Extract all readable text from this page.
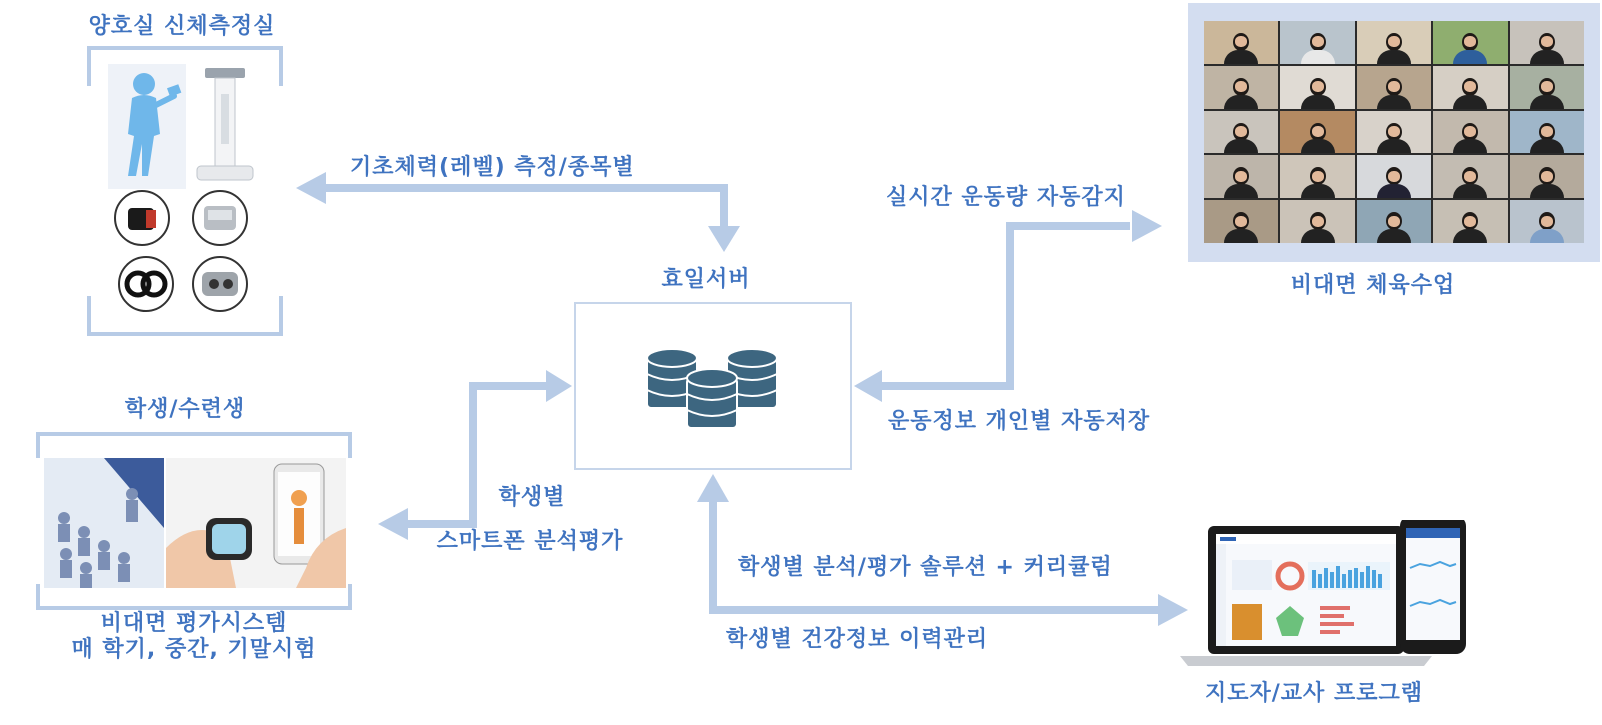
양호실 신체측정실
기초체력(레벨) 측정/종목별
효일서버
실시간 운동량 자동감지
비대면 체육수업
운동정보 개인별 자동저장
학생/수련생
비대면 평가시스템
매 학기, 중간, 기말시험
학생별
스마트폰 분석평가
학생별 분석/평가 솔루션 + 커리큘럼
학생별 건강정보 이력관리
지도자/교사 프로그램
